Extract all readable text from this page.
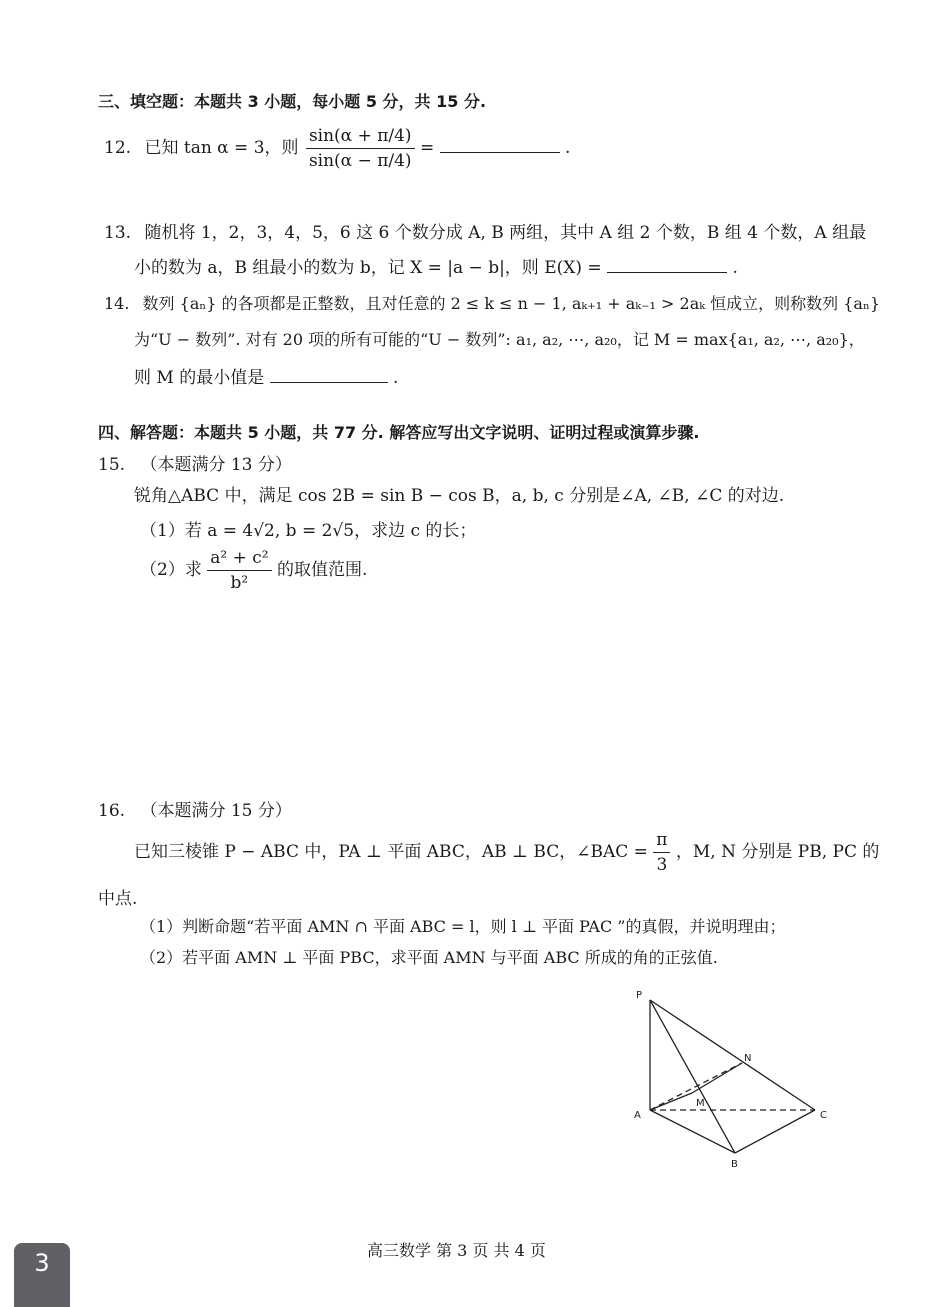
三、填空题：本题共 3 小题，每小题 5 分，共 15 分.
12. 已知 tan α = 3，则 $\frac{\sin(\alpha + \pi/4)}{\sin(\alpha - \pi/4)}$ =	.
13. 随机将 1，2，3，4，5，6 这 6 个数分成 A, B 两组，其中 A 组 2 个数，B 组 4 个数，A 组最
小的数为 a，B 组最小的数为 b，记 X = |a − b|，则 E(X) =	.
14. 数列 {aₙ} 的各项都是正整数，且对任意的 2 ≤ k ≤ n − 1, aₖ₊₁ + aₖ₋₁ > 2aₖ 恒成立，则称数列 {aₙ}
为“U − 数列”. 对有 20 项的所有可能的“U − 数列”: a₁, a₂, ⋯, a₂₀，记 M = max{a₁, a₂, ⋯, a₂₀}，
则 M 的最小值是	.
四、解答题：本题共 5 小题，共 77 分. 解答应写出文字说明、证明过程或演算步骤.
15. （本题满分 13 分）
锐角△ABC 中，满足 cos 2B = sin B − cos B，a, b, c 分别是∠A, ∠B, ∠C 的对边.
（1）若 a = 4√2, b = 2√5，求边 c 的长；
（2）求 $\frac{\text{a² + c²}}{\text{b²}}$ 的取值范围.
16. （本题满分 15 分）
已知三棱锥 P − ABC 中，PA ⊥ 平面 ABC，AB ⊥ BC，∠BAC = $\frac{\pi}{3}$ ，M, N 分别是 PB, PC 的
中点.
（1）判断命题“若平面 AMN ∩ 平面 ABC = l，则 l ⊥ 平面 PAC ”的真假，并说明理由；
（2）若平面 AMN ⊥ 平面 PBC，求平面 AMN 与平面 ABC 所成的角的正弦值.
P
N
M
A	C
B
高三数学 第 3 页 共 4 页
3
